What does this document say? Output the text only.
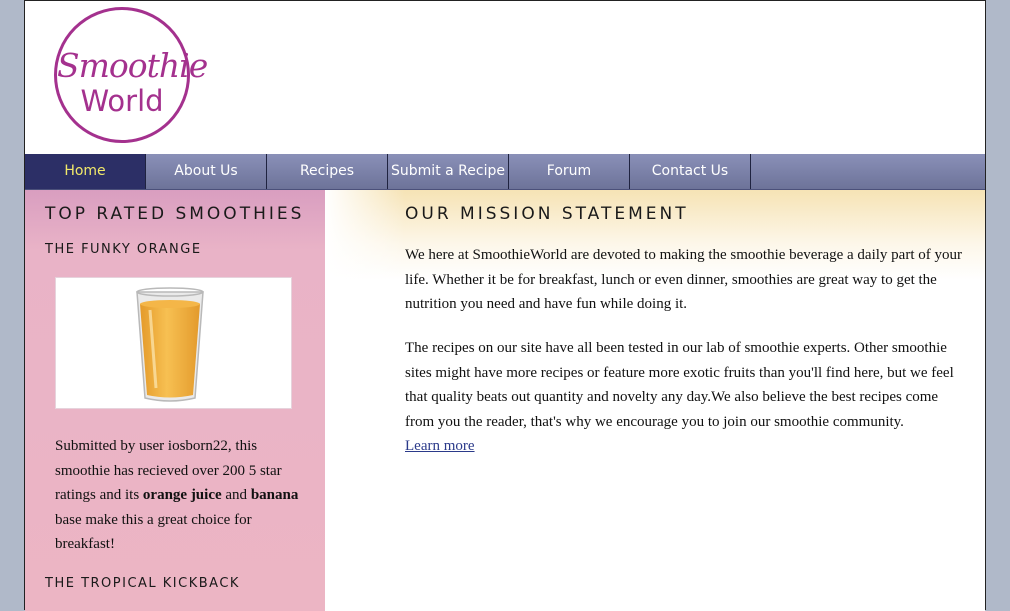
Smoothie
World
Home	About Us	Recipes	Submit a Recipe	Forum	Contact Us
TOP RATED SMOOTHIES
THE FUNKY ORANGE
Submitted by user iosborn22, this smoothie has recieved over 200 5 star ratings and its orange juice and banana base make this a great choice for breakfast!
THE TROPICAL KICKBACK
OUR MISSION STATEMENT
We here at SmoothieWorld are devoted to making the smoothie beverage a daily part of your life. Whether it be for breakfast, lunch or even dinner, smoothies are great way to get the nutrition you need and have fun while doing it.
The recipes on our site have all been tested in our lab of smoothie experts. Other smoothie sites might have more recipes or feature more exotic fruits than you'll find here, but we feel that quality beats out quantity and novelty any day.We also believe the best recipes come from you the reader, that's why we encourage you to join our smoothie community.
Learn more
